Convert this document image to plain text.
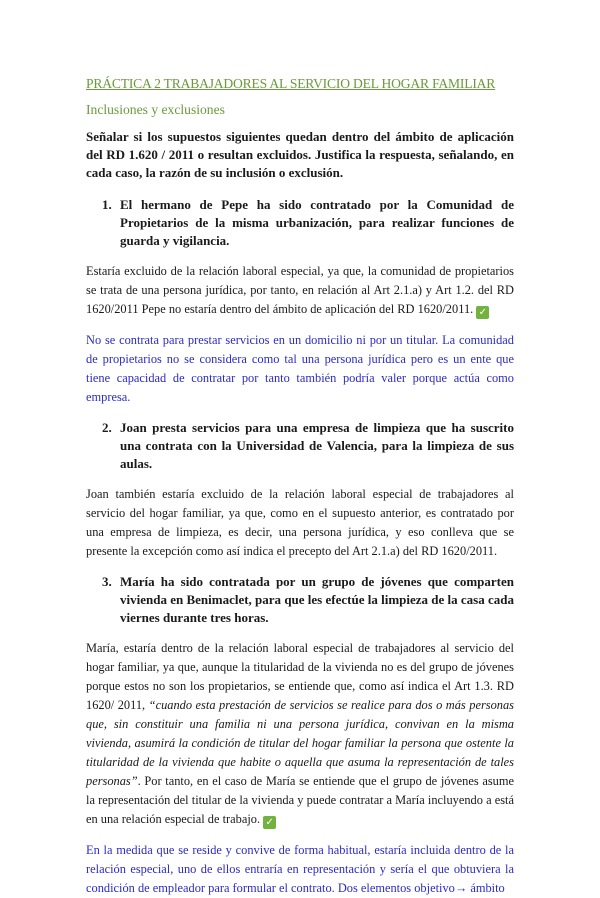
PRÁCTICA 2 TRABAJADORES AL SERVICIO DEL HOGAR FAMILIAR
Inclusiones y exclusiones

Señalar si los supuestos siguientes quedan dentro del ámbito de aplicación del RD 1.620 / 2011 o resultan excluidos. Justifica la respuesta, señalando, en cada caso, la razón de su inclusión o exclusión.

1. El hermano de Pepe ha sido contratado por la Comunidad de Propietarios de la misma urbanización, para realizar funciones de guarda y vigilancia.

Estaría excluido de la relación laboral especial, ya que, la comunidad de propietarios se trata de una persona jurídica, por tanto, en relación al Art 2.1.a) y Art 1.2. del RD 1620/2011 Pepe no estaría dentro del ámbito de aplicación del RD 1620/2011. ✓

No se contrata para prestar servicios en un domicilio ni por un titular. La comunidad de propietarios no se considera como tal una persona jurídica pero es un ente que tiene capacidad de contratar por tanto también podría valer porque actúa como empresa.

2. Joan presta servicios para una empresa de limpieza que ha suscrito una contrata con la Universidad de Valencia, para la limpieza de sus aulas.

Joan también estaría excluido de la relación laboral especial de trabajadores al servicio del hogar familiar, ya que, como en el supuesto anterior, es contratado por una empresa de limpieza, es decir, una persona jurídica, y eso conlleva que se presente la excepción como así indica el precepto del Art 2.1.a) del RD 1620/2011.

3. María ha sido contratada por un grupo de jóvenes que comparten vivienda en Benimaclet, para que les efectúe la limpieza de la casa cada viernes durante tres horas.

María, estaría dentro de la relación laboral especial de trabajadores al servicio del hogar familiar, ya que, aunque la titularidad de la vivienda no es del grupo de jóvenes porque estos no son los propietarios, se entiende que, como así indica el Art 1.3. RD 1620/ 2011, “cuando esta prestación de servicios se realice para dos o más personas que, sin constituir una familia ni una persona jurídica, convivan en la misma vivienda, asumirá la condición de titular del hogar familiar la persona que ostente la titularidad de la vivienda que habite o aquella que asuma la representación de tales personas”. Por tanto, en el caso de María se entiende que el grupo de jóvenes asume la representación del titular de la vivienda y puede contratar a María incluyendo a está en una relación especial de trabajo. ✓

En la medida que se reside y convive de forma habitual, estaría incluida dentro de la relación especial, uno de ellos entraría en representación y sería el que obtuviera la condición de empleador para formular el contrato. Dos elementos objetivo→ ámbito
